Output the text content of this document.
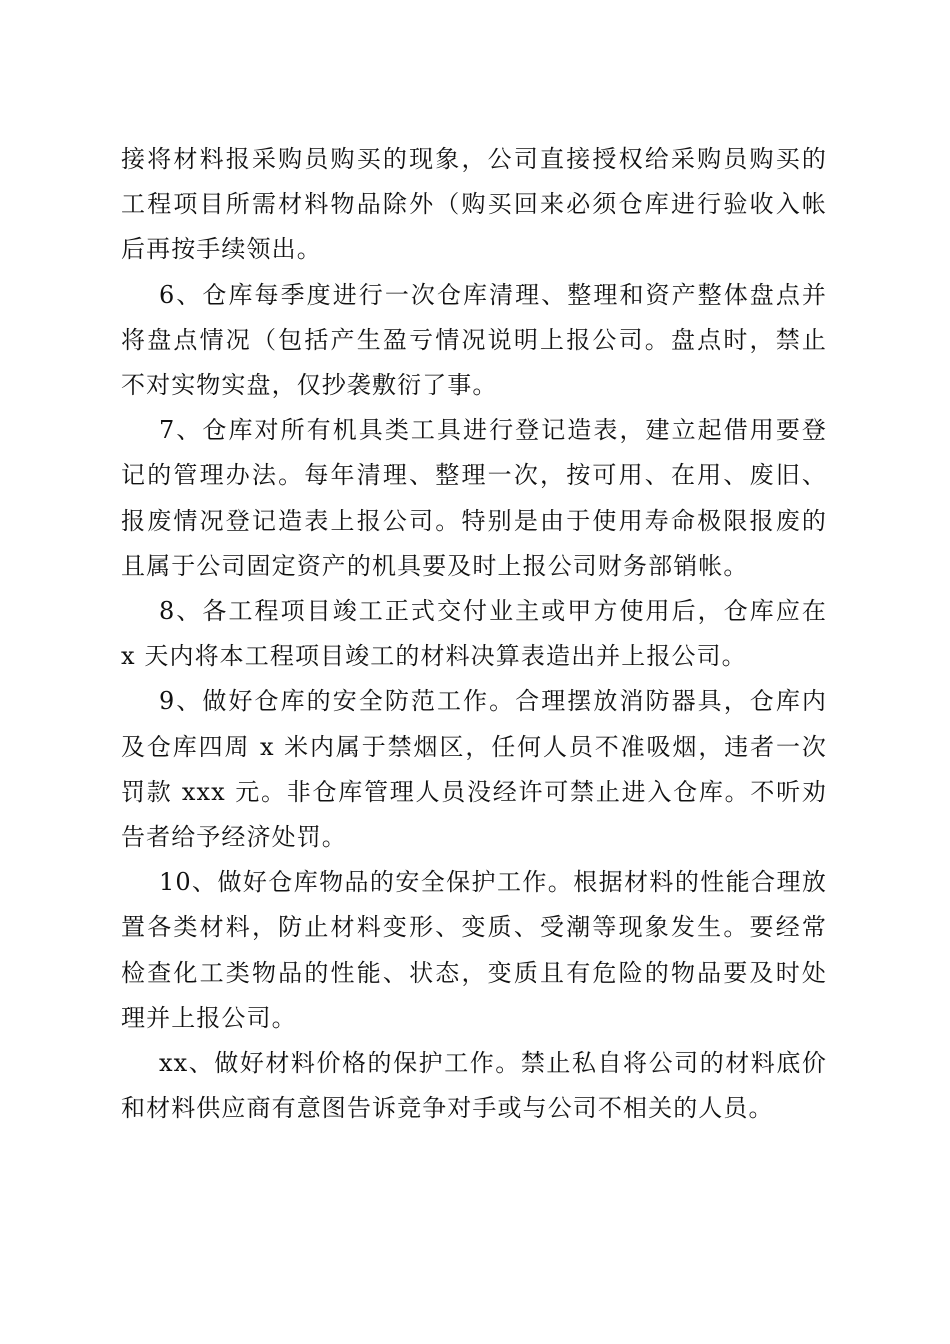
接将材料报采购员购买的现象，公司直接授权给采购员购买的
工程项目所需材料物品除外（购买回来必须仓库进行验收入帐
后再按手续领出。

6、仓库每季度进行一次仓库清理、整理和资产整体盘点并
将盘点情况（包括产生盈亏情况说明上报公司。盘点时，禁止
不对实物实盘，仅抄袭敷衍了事。

7、仓库对所有机具类工具进行登记造表，建立起借用要登
记的管理办法。每年清理、整理一次，按可用、在用、废旧、
报废情况登记造表上报公司。特别是由于使用寿命极限报废的
且属于公司固定资产的机具要及时上报公司财务部销帐。

8、各工程项目竣工正式交付业主或甲方使用后，仓库应在
x 天内将本工程项目竣工的材料决算表造出并上报公司。

9、做好仓库的安全防范工作。合理摆放消防器具，仓库内
及仓库四周 x 米内属于禁烟区，任何人员不准吸烟，违者一次
罚款 xxx 元。非仓库管理人员没经许可禁止进入仓库。不听劝
告者给予经济处罚。

10、做好仓库物品的安全保护工作。根据材料的性能合理放
置各类材料，防止材料变形、变质、受潮等现象发生。要经常
检查化工类物品的性能、状态，变质且有危险的物品要及时处
理并上报公司。

xx、做好材料价格的保护工作。禁止私自将公司的材料底价
和材料供应商有意图告诉竞争对手或与公司不相关的人员。
